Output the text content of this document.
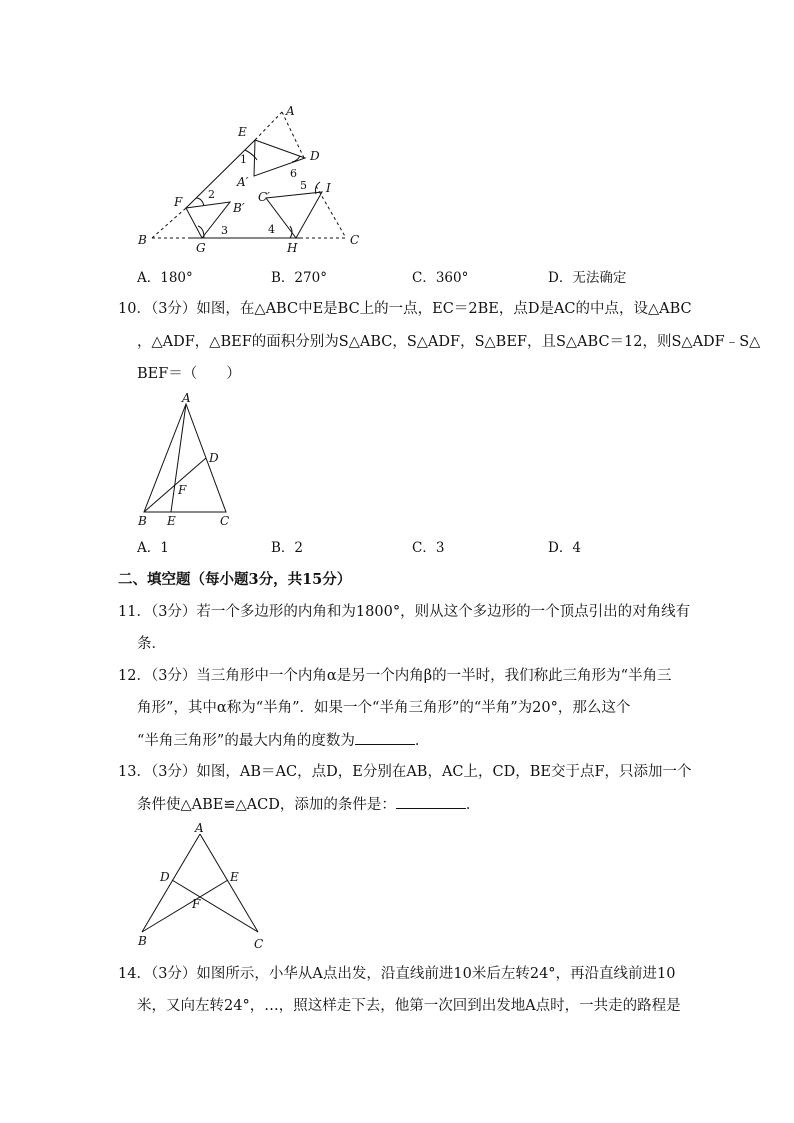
A
E
D
1
6
A′
C′
5 I
F
2
B′
B
G
3	4
H
C
A．180°	B．270°	C．360°	D．无法确定
10．（3分）如图，在△ABC中E是BC上的一点，EC＝2BE，点D是AC的中点，设△ABC
，△ADF，△BEF的面积分别为S△ABC，S△ADF，S△BEF，且S△ABC＝12，则S△ADF﹣S△
BEF＝（　　）
A
D
F
B E	C
A．1	B．2	C．3	D．4
二、填空题（每小题3分，共15分）
11．（3分）若一个多边形的内角和为1800°，则从这个多边形的一个顶点引出的对角线有
条．
12．（3分）当三角形中一个内角α是另一个内角β的一半时，我们称此三角形为“半角三
角形”，其中α称为“半角”．如果一个“半角三角形”的“半角”为20°，那么这个
“半角三角形”的最大内角的度数为	．
13．（3分）如图，AB＝AC，点D，E分别在AB，AC上，CD，BE交于点F，只添加一个
条件使△ABE≌△ACD，添加的条件是：	．
A
D	E
F
B	C
14．（3分）如图所示，小华从A点出发，沿直线前进10米后左转24°，再沿直线前进10
米，又向左转24°，…，照这样走下去，他第一次回到出发地A点时，一共走的路程是
